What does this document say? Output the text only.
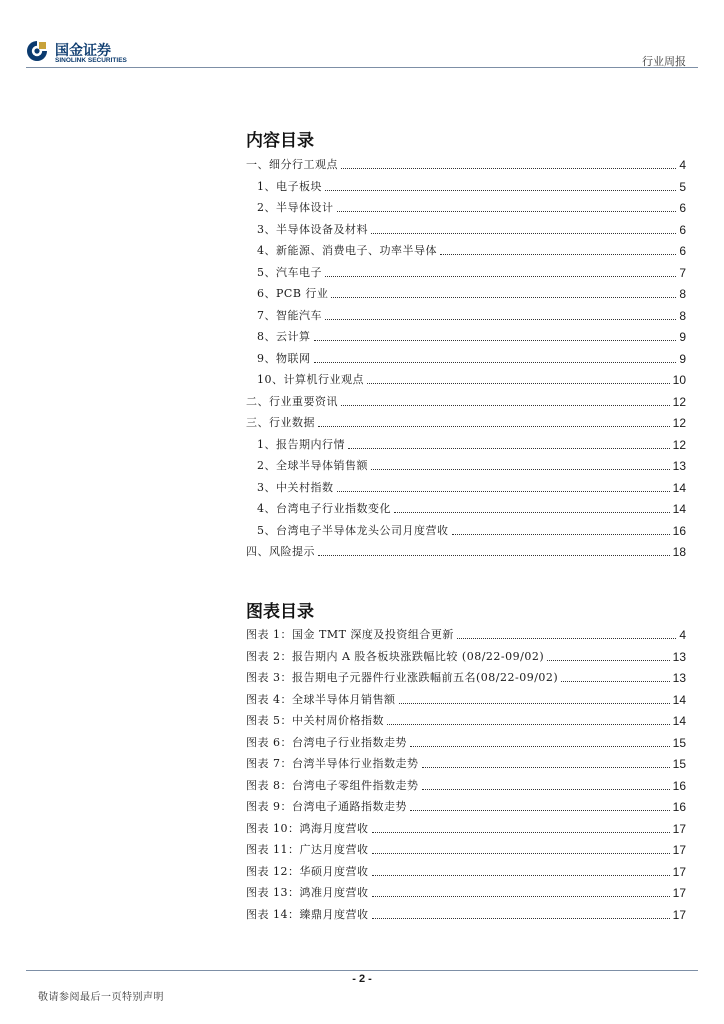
国金证券
SINOLINK SECURITIES	行业周报
内容目录
一、细分行工观点	4
1、电子板块	5
2、半导体设计	6
3、半导体设备及材料	6
4、新能源、消费电子、功率半导体	6
5、汽车电子	7
6、PCB 行业	8
7、智能汽车	8
8、云计算	9
9、物联网	9
10、计算机行业观点	10
二、行业重要资讯	12
三、行业数据	12
1、报告期内行情	12
2、全球半导体销售额	13
3、中关村指数	14
4、台湾电子行业指数变化	14
5、台湾电子半导体龙头公司月度营收	16
四、风险提示	18
图表目录
图表 1：国金 TMT 深度及投资组合更新	4
图表 2：报告期内 A 股各板块涨跌幅比较 (08/22-09/02)	13
图表 3：报告期电子元器件行业涨跌幅前五名(08/22-09/02)	13
图表 4：全球半导体月销售额	14
图表 5：中关村周价格指数	14
图表 6：台湾电子行业指数走势	15
图表 7：台湾半导体行业指数走势	15
图表 8：台湾电子零组件指数走势	16
图表 9：台湾电子通路指数走势	16
图表 10：鸿海月度营收	17
图表 11：广达月度营收	17
图表 12：华硕月度营收	17
图表 13：鸿准月度营收	17
图表 14：臻鼎月度营收	17
- 2 -
敬请参阅最后一页特别声明
